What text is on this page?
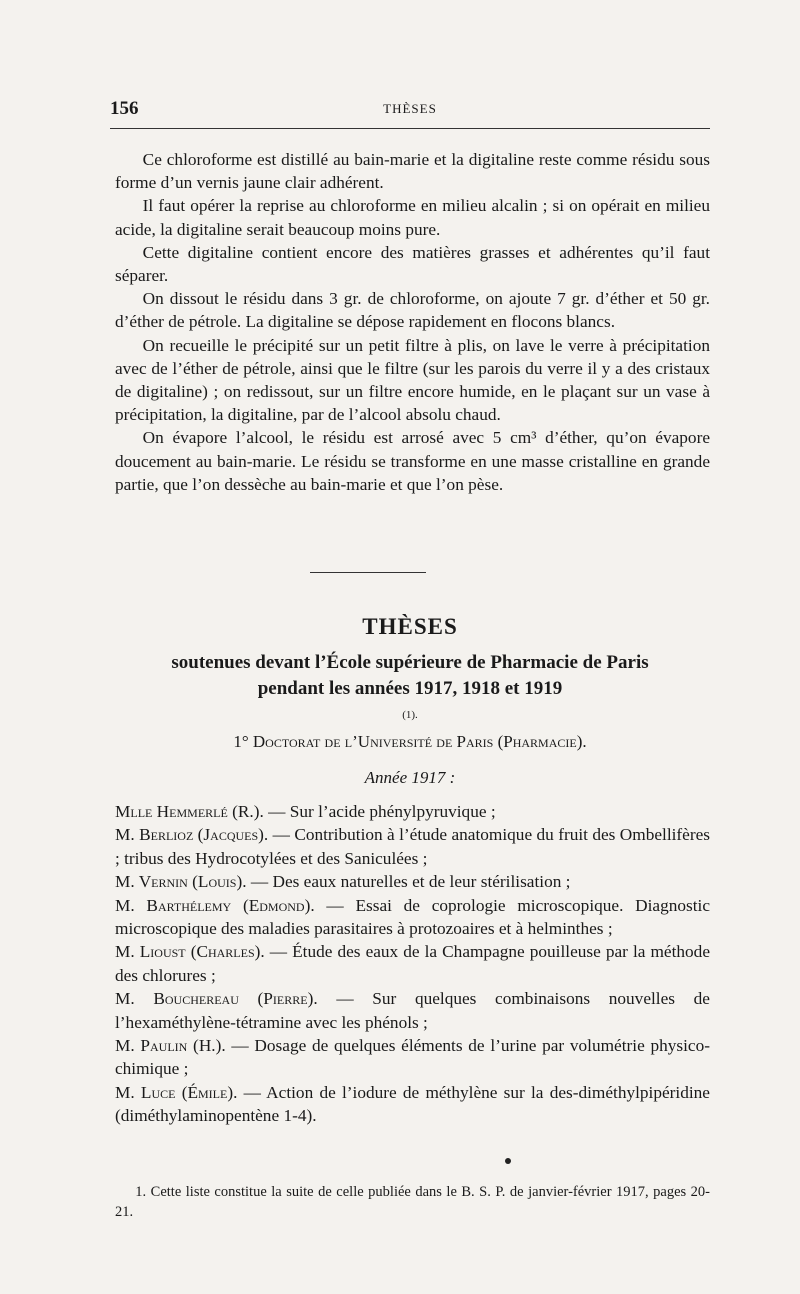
156	THÈSES

Ce chloroforme est distillé au bain-marie et la digitaline reste comme résidu sous forme d’un vernis jaune clair adhérent.

Il faut opérer la reprise au chloroforme en milieu alcalin ; si on opérait en milieu acide, la digitaline serait beaucoup moins pure.

Cette digitaline contient encore des matières grasses et adhérentes qu’il faut séparer.

On dissout le résidu dans 3 gr. de chloroforme, on ajoute 7 gr. d’éther et 50 gr. d’éther de pétrole. La digitaline se dépose rapidement en flocons blancs.

On recueille le précipité sur un petit filtre à plis, on lave le verre à précipitation avec de l’éther de pétrole, ainsi que le filtre (sur les parois du verre il y a des cristaux de digitaline) ; on redissout, sur un filtre encore humide, en le plaçant sur un vase à précipitation, la digitaline, par de l’alcool absolu chaud.

On évapore l’alcool, le résidu est arrosé avec 5 cm³ d’éther, qu’on évapore doucement au bain-marie. Le résidu se transforme en une masse cristalline en grande partie, que l’on dessèche au bain-marie et que l’on pèse.

THÈSES
soutenues devant l’École supérieure de Pharmacie de Paris
pendant les années 1917, 1918 et 1919
(1).
1° Doctorat de l’Université de Paris (Pharmacie).
Année 1917 :

Mlle Hemmerlé (R.). — Sur l’acide phénylpyruvique ;

M. Berlioz (Jacques). — Contribution à l’étude anatomique du fruit des Ombellifères ; tribus des Hydrocotylées et des Saniculées ;

M. Vernin (Louis). — Des eaux naturelles et de leur stérilisation ;

M. Barthélemy (Edmond). — Essai de coprologie microscopique. Diagnostic microscopique des maladies parasitaires à protozoaires et à helminthes ;

M. Lioust (Charles). — Étude des eaux de la Champagne pouilleuse par la méthode des chlorures ;

M. Bouchereau (Pierre). — Sur quelques combinaisons nouvelles de l’hexaméthylène-tétramine avec les phénols ;

M. Paulin (H.). — Dosage de quelques éléments de l’urine par volumétrie physico-chimique ;

M. Luce (Émile). — Action de l’iodure de méthylène sur la des-diméthylpipéridine (diméthylaminopentène 1-4).

1. Cette liste constitue la suite de celle publiée dans le B. S. P. de janvier-février 1917, pages 20-21.
